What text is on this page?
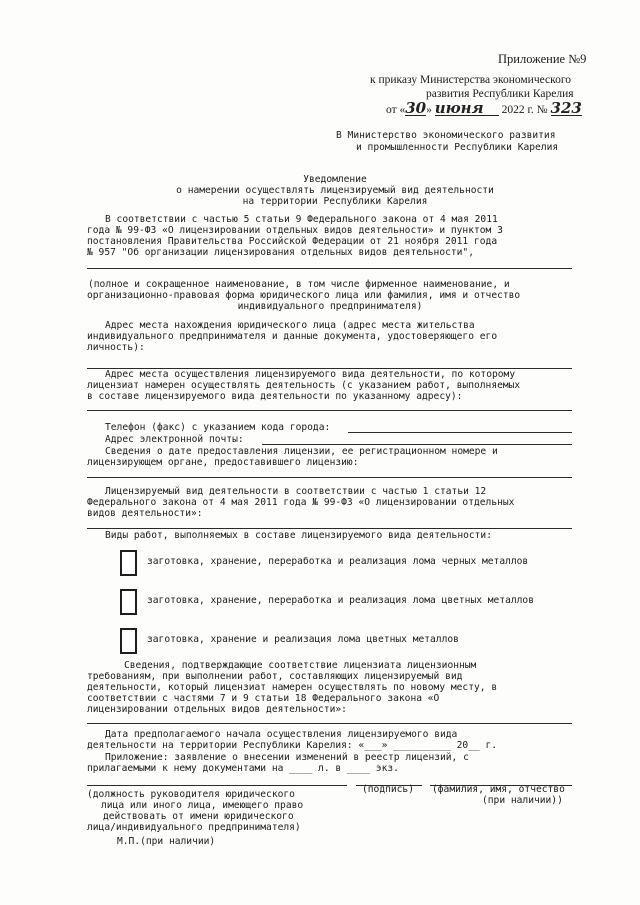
Приложение №9
к приказу Министерства экономического
развития Республики Карелия
от «30» июня 2022 г. № 323
В Министерство экономического развития
и промышленности Республики Карелия
Уведомление
о намерении осуществлять лицензируемый вид деятельности
на территории Республики Карелия
В соответствии с частью 5 статьи 9 Федерального закона от 4 мая 2011
года № 99-ФЗ «О лицензировании отдельных видов деятельности» и пунктом 3
постановления Правительства Российской Федерации от 21 ноября 2011 года
№ 957 "Об организации лицензирования отдельных видов деятельности",
(полное и сокращенное наименование, в том числе фирменное наименование, и
организационно-правовая форма юридического лица или фамилия, имя и отчество
индивидуального предпринимателя)
Адрес места нахождения юридического лица (адрес места жительства
индивидуального предпринимателя и данные документа, удостоверяющего его
личность):
Адрес места осуществления лицензируемого вида деятельности, по которому
лицензиат намерен осуществлять деятельность (с указанием работ, выполняемых
в составе лицензируемого вида деятельности по указанному адресу):
Телефон (факс) с указанием кода города:
Адрес электронной почты:
Сведения о дате предоставления лицензии, ее регистрационном номере и
лицензирующем органе, предоставившего лицензию:
Лицензируемый вид деятельности в соответствии с частью 1 статьи 12
Федерального закона от 4 мая 2011 года № 99-ФЗ «О лицензировании отдельных
видов деятельности»:
Виды работ, выполняемых в составе лицензируемого вида деятельности:
заготовка, хранение, переработка и реализация лома черных металлов
заготовка, хранение, переработка и реализация лома цветных металлов
заготовка, хранение и реализация лома цветных металлов
Сведения, подтверждающие соответствие лицензиата лицензионным
требованиям, при выполнении работ, составляющих лицензируемый вид
деятельности, который лицензиат намерен осуществлять по новому месту, в
соответствии с частями 7 и 9 статьи 18 Федерального закона «О
лицензировании отдельных видов деятельности»:
Дата предполагаемого начала осуществления лицензируемого вида
деятельности на территории Республики Карелия: «___» __________ 20__ г.
Приложение: заявление о внесении изменений в реестр лицензий, с
прилагаемыми к нему документами на ____ л. в ____ экз.
(должность руководителя юридического
лица или иного лица, имеющего право
действовать от имени юридического
лица/индивидуального предпринимателя)
М.П.(при наличии)
(подпись) (фамилия, имя, отчество
(при наличии))
